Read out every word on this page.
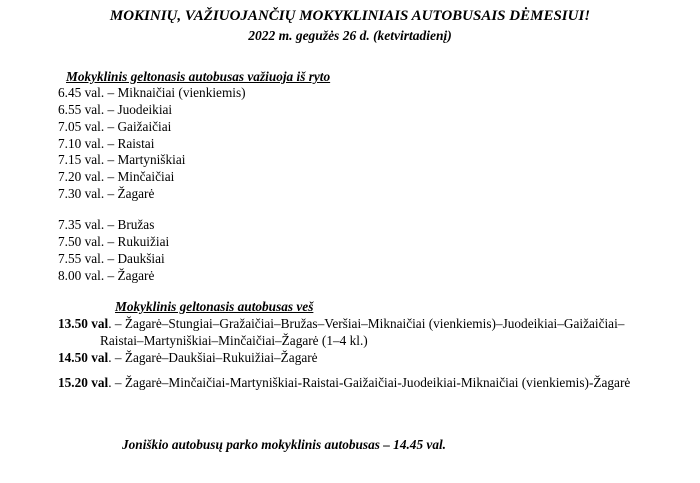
MOKINIŲ, VAŽIUOJANČIŲ MOKYKLINIAIS AUTOBUSAIS DĖMESIUI!
2022 m. gegužės 26 d. (ketvirtadienį)
Mokyklinis geltonasis autobusas važiuoja iš ryto
6.45 val. – Miknaičiai (vienkiemis)
6.55 val. – Juodeikiai
7.05 val. – Gaižaičiai
7.10 val. – Raistai
7.15 val. – Martyniškiai
7.20 val. – Minčaičiai
7.30 val. – Žagarė
7.35 val. – Bružas
7.50 val. – Rukuižiai
7.55 val. – Daukšiai
8.00 val. – Žagarė
Mokyklinis geltonasis autobusas veš
13.50 val. – Žagarė–Stungiai–Gražaičiai–Bružas–Veršiai–Miknaičiai (vienkiemis)–Juodeikiai–Gaižaičiai–
Raistai–Martyniškiai–Minčaičiai–Žagarė (1–4 kl.)
14.50 val. – Žagarė–Daukšiai–Rukuižiai–Žagarė
15.20 val. – Žagarė–Minčaičiai-Martyniškiai-Raistai-Gaižaičiai-Juodeikiai-Miknaičiai (vienkiemis)-Žagarė
Joniškio autobusų parko mokyklinis autobusas – 14.45 val.
